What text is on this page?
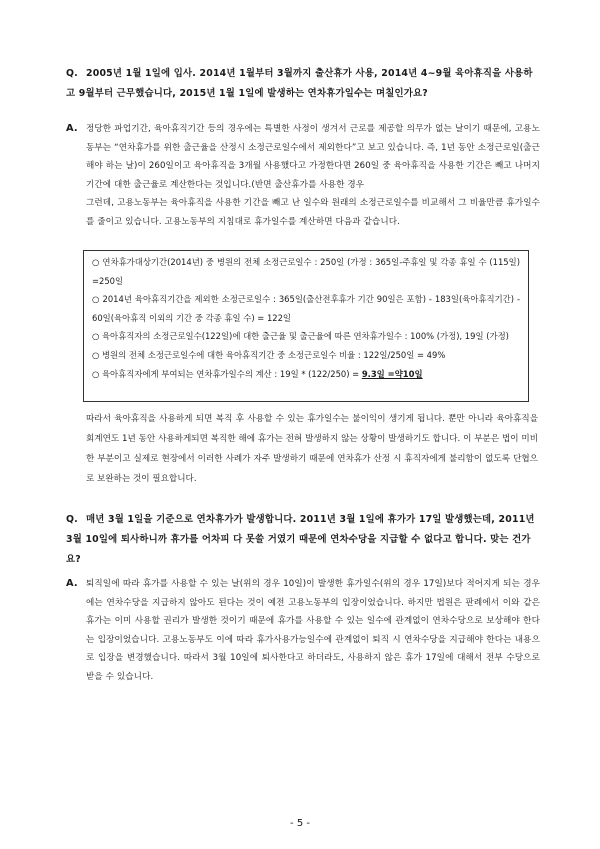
Q. 2005년 1월 1일에 입사. 2014년 1월부터 3월까지 출산휴가 사용, 2014년 4~9월 육아휴직을 사용하고 9월부터 근무했습니다, 2015년 1월 1일에 발생하는 연차휴가일수는 며칠인가요?
A. 정당한 파업기간, 육아휴직기간 등의 경우에는 특별한 사정이 생겨서 근로를 제공할 의무가 없는 날이기 때문에, 고용노동부는 “연차휴가를 위한 출근율을 산정시 소정근로일수에서 제외한다”고 보고 있습니다. 즉, 1년 동안 소정근로일(출근해야 하는 날)이 260일이고 육아휴직을 3개월 사용했다고 가정한다면 260일 중 육아휴직을 사용한 기간은 빼고 나머지 기간에 대한 출근율로 계산한다는 것입니다.(반면 출산휴가를 사용한 경우

그런데, 고용노동부는 육아휴직을 사용한 기간을 빼고 난 일수와 원래의 소정근로일수를 비교해서 그 비율만큼 휴가일수를 줄이고 있습니다. 고용노동부의 지침대로 휴가일수를 계산하면 다음과 같습니다.

○ 연차휴가대상기간(2014년) 중 병원의 전체 소정근로일수 : 250일 (가정 : 365일-주휴일 및 각종 휴일 수 (115일) =250일

○ 2014년 육아휴직기간을 제외한 소정근로일수 : 365일(출산전후휴가 기간 90일은 포함) - 183일(육아휴직기간) - 60일(육아휴직 이외의 기간 중 각종 휴일 수) = 122일

○ 육아휴직자의 소정근로일수(122일)에 대한 출근율 및 출근율에 따른 연차휴가일수 : 100% (가정), 19일 (가정)

○ 병원의 전체 소정근로일수에 대한 육아휴직기간 중 소정근로일수 비율 : 122일/250일 = 49%

○ 육아휴직자에게 부여되는 연차휴가일수의 계산 : 19일 * (122/250) = 9.3일 =약10일

따라서 육아휴직을 사용하게 되면 복직 후 사용할 수 있는 휴가일수는 불이익이 생기게 됩니다. 뿐만 아니라 육아휴직을 회계연도 1년 동안 사용하게되면 복직한 해에 휴가는 전혀 발생하지 않는 상황이 발생하기도 합니다. 이 부분은 법이 미비한 부분이고 실제로 현장에서 이러한 사례가 자주 발생하기 때문에 연차휴가 산정 시 휴직자에게 불리함이 없도록 단협으로 보완하는 것이 필요합니다.

Q. 매년 3월 1일을 기준으로 연차휴가가 발생합니다. 2011년 3월 1일에 휴가가 17일 발생했는데, 2011년 3월 10일에 퇴사하니까 휴가를 어차피 다 못쓸 거였기 때문에 연차수당을 지급할 수 없다고 합니다. 맞는 건가요?
A. 퇴직일에 따라 휴가를 사용할 수 있는 날(위의 경우 10일)이 발생한 휴가일수(위의 경우 17일)보다 적어지게 되는 경우에는 연차수당을 지급하지 않아도 된다는 것이 예전 고용노동부의 입장이었습니다. 하지만 법원은 판례에서 이와 같은 휴가는 이미 사용할 권리가 발생한 것이기 때문에 휴가를 사용할 수 있는 일수에 관계없이 연차수당으로 보상해야 한다는 입장이었습니다. 고용노동부도 이에 따라 휴가사용가능일수에 관계없이 퇴직 시 연차수당을 지급해야 한다는 내용으로 입장을 변경했습니다. 따라서 3월 10일에 퇴사한다고 하더라도, 사용하지 않은 휴가 17일에 대해서 전부 수당으로 받을 수 있습니다.

- 5 -
